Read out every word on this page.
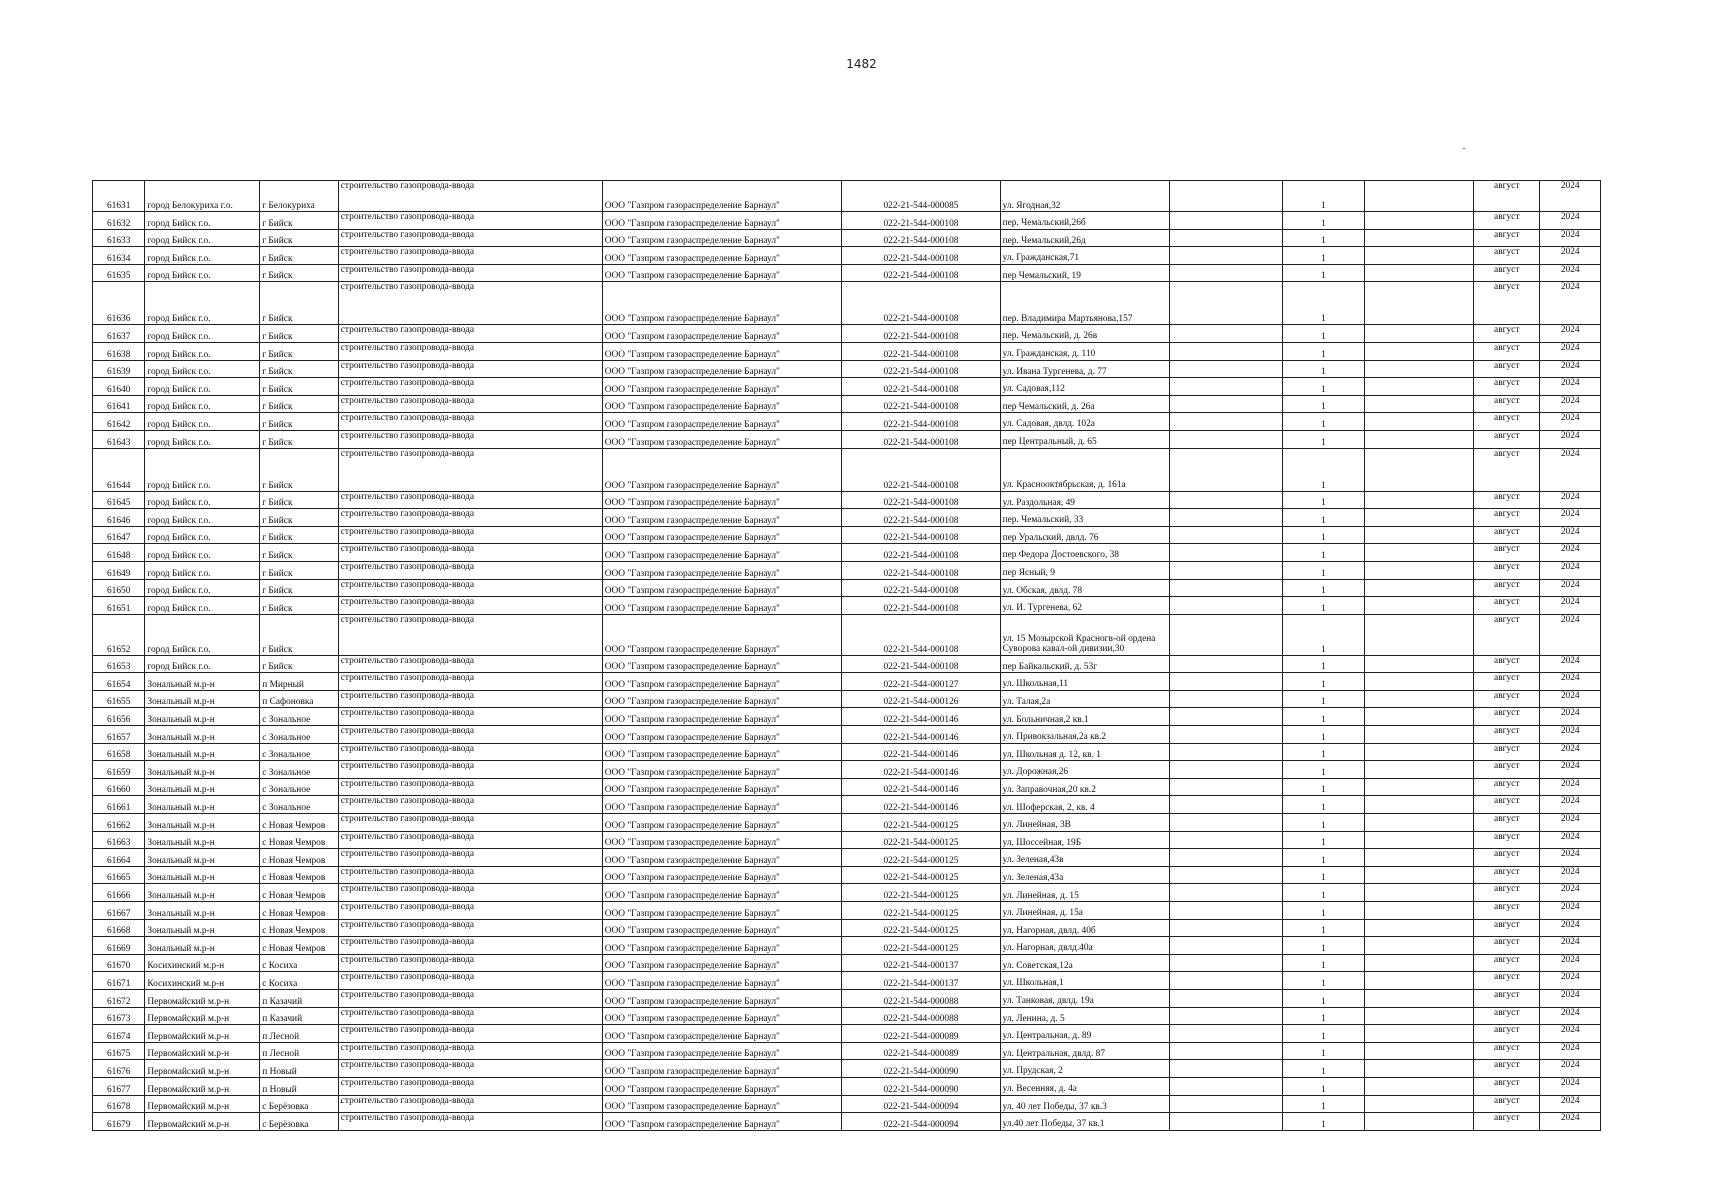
1482
61631	город Белокуриха г.о.	г Белокуриха	строительство газопровода-ввода	ООО "Газпром газораспределение Барнаул"	022-21-544-000085	ул. Ягодная,32		1		август	2024
61632	город Бийск г.о.	г Бийск	строительство газопровода-ввода	ООО "Газпром газораспределение Барнаул"	022-21-544-000108	пер. Чемальский,26б		1		август	2024
61633	город Бийск г.о.	г Бийск	строительство газопровода-ввода	ООО "Газпром газораспределение Барнаул"	022-21-544-000108	пер. Чемальский,26д		1		август	2024
61634	город Бийск г.о.	г Бийск	строительство газопровода-ввода	ООО "Газпром газораспределение Барнаул"	022-21-544-000108	ул. Гражданская,71		1		август	2024
61635	город Бийск г.о.	г Бийск	строительство газопровода-ввода	ООО "Газпром газораспределение Барнаул"	022-21-544-000108	пер Чемальский, 19		1		август	2024
61636	город Бийск г.о.	г Бийск	строительство газопровода-ввода	ООО "Газпром газораспределение Барнаул"	022-21-544-000108	пер. Владимира Мартьянова,157		1		август	2024
61637	город Бийск г.о.	г Бийск	строительство газопровода-ввода	ООО "Газпром газораспределение Барнаул"	022-21-544-000108	пер. Чемальский, д. 26в		1		август	2024
61638	город Бийск г.о.	г Бийск	строительство газопровода-ввода	ООО "Газпром газораспределение Барнаул"	022-21-544-000108	ул. Гражданская, д. 110		1		август	2024
61639	город Бийск г.о.	г Бийск	строительство газопровода-ввода	ООО "Газпром газораспределение Барнаул"	022-21-544-000108	ул. Ивана Тургенева, д. 77		1		август	2024
61640	город Бийск г.о.	г Бийск	строительство газопровода-ввода	ООО "Газпром газораспределение Барнаул"	022-21-544-000108	ул. Садовая,112		1		август	2024
61641	город Бийск г.о.	г Бийск	строительство газопровода-ввода	ООО "Газпром газораспределение Барнаул"	022-21-544-000108	пер Чемальский, д. 26а		1		август	2024
61642	город Бийск г.о.	г Бийск	строительство газопровода-ввода	ООО "Газпром газораспределение Барнаул"	022-21-544-000108	ул. Садовая, двлд. 102а		1		август	2024
61643	город Бийск г.о.	г Бийск	строительство газопровода-ввода	ООО "Газпром газораспределение Барнаул"	022-21-544-000108	пер Центральный, д. 65		1		август	2024
61644	город Бийск г.о.	г Бийск	строительство газопровода-ввода	ООО "Газпром газораспределение Барнаул"	022-21-544-000108	ул. Краснооктябрьская, д. 161а		1		август	2024
61645	город Бийск г.о.	г Бийск	строительство газопровода-ввода	ООО "Газпром газораспределение Барнаул"	022-21-544-000108	ул. Раздольная, 49		1		август	2024
61646	город Бийск г.о.	г Бийск	строительство газопровода-ввода	ООО "Газпром газораспределение Барнаул"	022-21-544-000108	пер. Чемальский, 33		1		август	2024
61647	город Бийск г.о.	г Бийск	строительство газопровода-ввода	ООО "Газпром газораспределение Барнаул"	022-21-544-000108	пер Уральский, двлд. 76		1		август	2024
61648	город Бийск г.о.	г Бийск	строительство газопровода-ввода	ООО "Газпром газораспределение Барнаул"	022-21-544-000108	пер Федора Достоевского, 38		1		август	2024
61649	город Бийск г.о.	г Бийск	строительство газопровода-ввода	ООО "Газпром газораспределение Барнаул"	022-21-544-000108	пер Ясный, 9		1		август	2024
61650	город Бийск г.о.	г Бийск	строительство газопровода-ввода	ООО "Газпром газораспределение Барнаул"	022-21-544-000108	ул. Обская, двлд. 78		1		август	2024
61651	город Бийск г.о.	г Бийск	строительство газопровода-ввода	ООО "Газпром газораспределение Барнаул"	022-21-544-000108	ул. И. Тургенева, 62		1		август	2024
61652	город Бийск г.о.	г Бийск	строительство газопровода-ввода	ООО "Газпром газораспределение Барнаул"	022-21-544-000108	ул. 15 Мозырской Красногв-ой ордена Суворова кавал-ой дивизии,30		1		август	2024
61653	город Бийск г.о.	г Бийск	строительство газопровода-ввода	ООО "Газпром газораспределение Барнаул"	022-21-544-000108	пер Байкальский, д. 53г		1		август	2024
61654	Зональный м.р-н	п Мирный	строительство газопровода-ввода	ООО "Газпром газораспределение Барнаул"	022-21-544-000127	ул. Школьная,11		1		август	2024
61655	Зональный м.р-н	п Сафоновка	строительство газопровода-ввода	ООО "Газпром газораспределение Барнаул"	022-21-544-000126	ул. Талая,2а		1		август	2024
61656	Зональный м.р-н	с Зональное	строительство газопровода-ввода	ООО "Газпром газораспределение Барнаул"	022-21-544-000146	ул. Больничная,2 кв.1		1		август	2024
61657	Зональный м.р-н	с Зональное	строительство газопровода-ввода	ООО "Газпром газораспределение Барнаул"	022-21-544-000146	ул. Привокзальная,2а кв.2		1		август	2024
61658	Зональный м.р-н	с Зональное	строительство газопровода-ввода	ООО "Газпром газораспределение Барнаул"	022-21-544-000146	ул. Школьная д. 12, кв. 1		1		август	2024
61659	Зональный м.р-н	с Зональное	строительство газопровода-ввода	ООО "Газпром газораспределение Барнаул"	022-21-544-000146	ул. Дорожная,26		1		август	2024
61660	Зональный м.р-н	с Зональное	строительство газопровода-ввода	ООО "Газпром газораспределение Барнаул"	022-21-544-000146	ул. Заправочная,20 кв.2		1		август	2024
61661	Зональный м.р-н	с Зональное	строительство газопровода-ввода	ООО "Газпром газораспределение Барнаул"	022-21-544-000146	ул. Шоферская, 2, кв. 4		1		август	2024
61662	Зональный м.р-н	с Новая Чемров	строительство газопровода-ввода	ООО "Газпром газораспределение Барнаул"	022-21-544-000125	ул. Линейная, 3В		1		август	2024
61663	Зональный м.р-н	с Новая Чемров	строительство газопровода-ввода	ООО "Газпром газораспределение Барнаул"	022-21-544-000125	ул. Шоссейная, 19Б		1		август	2024
61664	Зональный м.р-н	с Новая Чемров	строительство газопровода-ввода	ООО "Газпром газораспределение Барнаул"	022-21-544-000125	ул. Зеленая,43в		1		август	2024
61665	Зональный м.р-н	с Новая Чемров	строительство газопровода-ввода	ООО "Газпром газораспределение Барнаул"	022-21-544-000125	ул. Зеленая,43а		1		август	2024
61666	Зональный м.р-н	с Новая Чемров	строительство газопровода-ввода	ООО "Газпром газораспределение Барнаул"	022-21-544-000125	ул. Линейная, д. 15		1		август	2024
61667	Зональный м.р-н	с Новая Чемров	строительство газопровода-ввода	ООО "Газпром газораспределение Барнаул"	022-21-544-000125	ул. Линейная, д. 15а		1		август	2024
61668	Зональный м.р-н	с Новая Чемров	строительство газопровода-ввода	ООО "Газпром газораспределение Барнаул"	022-21-544-000125	ул. Нагорная, двлд. 40б		1		август	2024
61669	Зональный м.р-н	с Новая Чемров	строительство газопровода-ввода	ООО "Газпром газораспределение Барнаул"	022-21-544-000125	ул. Нагорная, двлд.40а		1		август	2024
61670	Косихинский м.р-н	с Косиха	строительство газопровода-ввода	ООО "Газпром газораспределение Барнаул"	022-21-544-000137	ул. Советская,12а		1		август	2024
61671	Косихинский м.р-н	с Косиха	строительство газопровода-ввода	ООО "Газпром газораспределение Барнаул"	022-21-544-000137	ул. Школьная,1		1		август	2024
61672	Первомайский м.р-н	п Казачий	строительство газопровода-ввода	ООО "Газпром газораспределение Барнаул"	022-21-544-000088	ул. Танковая, двлд. 19а		1		август	2024
61673	Первомайский м.р-н	п Казачий	строительство газопровода-ввода	ООО "Газпром газораспределение Барнаул"	022-21-544-000088	ул. Ленина, д. 5		1		август	2024
61674	Первомайский м.р-н	п Лесной	строительство газопровода-ввода	ООО "Газпром газораспределение Барнаул"	022-21-544-000089	ул. Центральная, д. 89		1		август	2024
61675	Первомайский м.р-н	п Лесной	строительство газопровода-ввода	ООО "Газпром газораспределение Барнаул"	022-21-544-000089	ул. Центральная, двлд. 87		1		август	2024
61676	Первомайский м.р-н	п Новый	строительство газопровода-ввода	ООО "Газпром газораспределение Барнаул"	022-21-544-000090	ул. Прудская, 2		1		август	2024
61677	Первомайский м.р-н	п Новый	строительство газопровода-ввода	ООО "Газпром газораспределение Барнаул"	022-21-544-000090	ул. Весенняя, д. 4а		1		август	2024
61678	Первомайский м.р-н	с Берёзовка	строительство газопровода-ввода	ООО "Газпром газораспределение Барнаул"	022-21-544-000094	ул. 40 лет Победы, 37 кв.3		1		август	2024
61679	Первомайский м.р-н	с Берёзовка	строительство газопровода-ввода	ООО "Газпром газораспределение Барнаул"	022-21-544-000094	ул.40 лет Победы, 37 кв.1		1		август	2024
